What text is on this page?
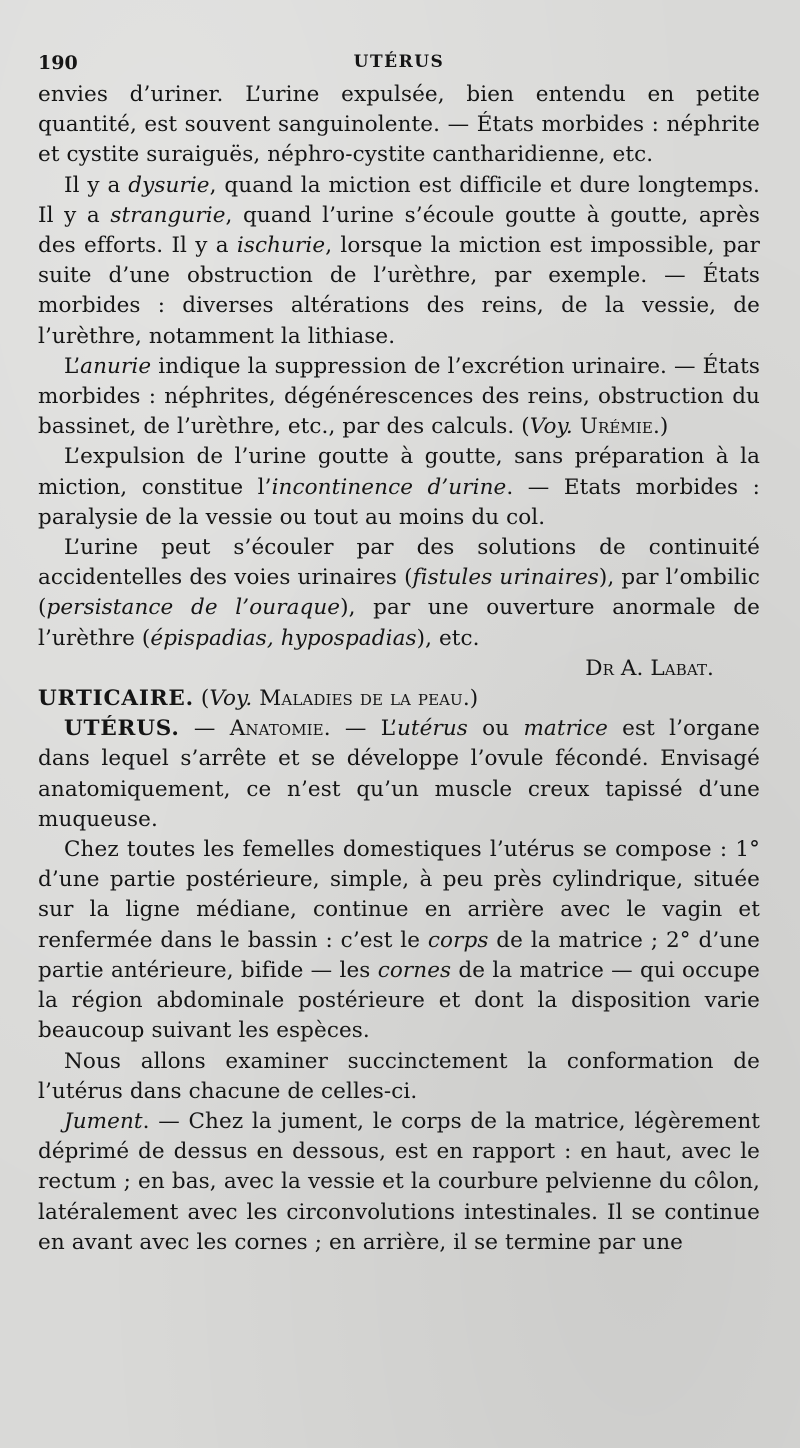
190	UTÉRUS

envies d’uriner. L’urine expulsée, bien entendu en petite quantité, est souvent sanguinolente. — États morbides : néphrite et cystite suraiguës, néphro-cystite cantharidienne, etc.

Il y a dysurie, quand la miction est difficile et dure longtemps. Il y a strangurie, quand l’urine s’écoule goutte à goutte, après des efforts. Il y a ischurie, lorsque la miction est impossible, par suite d’une obstruction de l’urèthre, par exemple. — États morbides : diverses altérations des reins, de la vessie, de l’urèthre, notamment la lithiase.

L’anurie indique la suppression de l’excrétion urinaire. — États morbides : néphrites, dégénérescences des reins, obstruction du bassinet, de l’urèthre, etc., par des calculs. (Voy. Urémie.)

L’expulsion de l’urine goutte à goutte, sans préparation à la miction, constitue l’incontinence d’urine. — Etats morbides : paralysie de la vessie ou tout au moins du col.

L’urine peut s’écouler par des solutions de continuité accidentelles des voies urinaires (fistules urinaires), par l’ombilic (persistance de l’ouraque), par une ouverture anormale de l’urèthre (épispadias, hypospadias), etc.

Dr A. Labat.

URTICAIRE. (Voy. Maladies de la peau.)

UTÉRUS. — Anatomie. — L’utérus ou matrice est l’organe dans lequel s’arrête et se développe l’ovule fécondé. Envisagé anatomiquement, ce n’est qu’un muscle creux tapissé d’une muqueuse.

Chez toutes les femelles domestiques l’utérus se compose : 1° d’une partie postérieure, simple, à peu près cylindrique, située sur la ligne médiane, continue en arrière avec le vagin et renfermée dans le bassin : c’est le corps de la matrice ; 2° d’une partie antérieure, bifide — les cornes de la matrice — qui occupe la région abdominale postérieure et dont la disposition varie beaucoup suivant les espèces.

Nous allons examiner succinctement la conformation de l’utérus dans chacune de celles-ci.

Jument. — Chez la jument, le corps de la matrice, légèrement déprimé de dessus en dessous, est en rapport : en haut, avec le rectum ; en bas, avec la vessie et la courbure pelvienne du côlon, latéralement avec les circonvolutions intestinales. Il se continue en avant avec les cornes ; en arrière, il se termine par une
